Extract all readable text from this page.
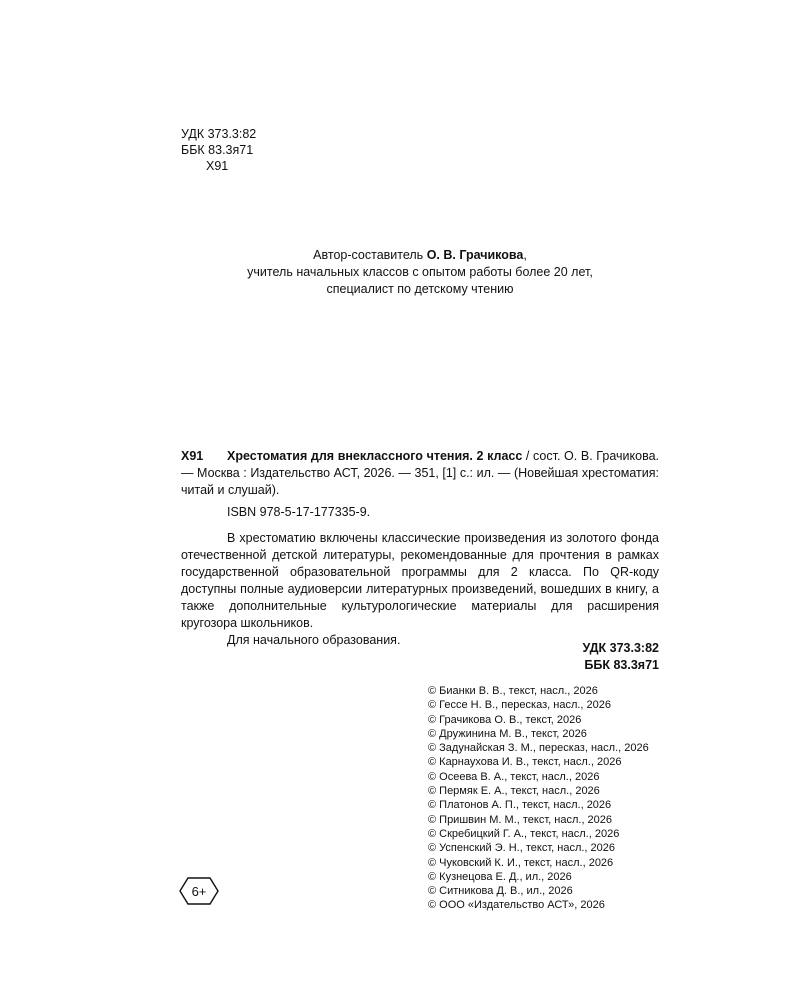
УДК 373.3:82
ББК 83.3я71
Х91
Автор-составитель О. В. Грачикова,
учитель начальных классов с опытом работы более 20 лет,
специалист по детскому чтению
Х91	Хрестоматия для внеклассного чтения. 2 класс / сост. О. В. Грачикова. — Москва : Издательство АСТ, 2026. — 351, [1] с.: ил. — (Новейшая хрестоматия: читай и слушай).

ISBN 978-5-17-177335-9.

В хрестоматию включены классические произведения из золотого фонда отечественной детской литературы, рекомендованные для прочтения в рамках государственной образовательной программы для 2 класса. По QR-коду доступны полные аудиоверсии литературных произведений, вошедших в книгу, а также дополнительные культурологические материалы для расширения кругозора школьников.

Для начального образования.

УДК 373.3:82
ББК 83.3я71
© Бианки В. В., текст, насл., 2026
© Гессе Н. В., пересказ, насл., 2026
© Грачикова О. В., текст, 2026
© Дружинина М. В., текст, 2026
© Задунайская З. М., пересказ, насл., 2026
© Карнаухова И. В., текст, насл., 2026
© Осеева В. А., текст, насл., 2026
© Пермяк Е. А., текст, насл., 2026
© Платонов А. П., текст, насл., 2026
© Пришвин М. М., текст, насл., 2026
© Скребицкий Г. А., текст, насл., 2026
© Успенский Э. Н., текст, насл., 2026
© Чуковский К. И., текст, насл., 2026
© Кузнецова Е. Д., ил., 2026
© Ситникова Д. В., ил., 2026
© ООО «Издательство АСТ», 2026
6+
